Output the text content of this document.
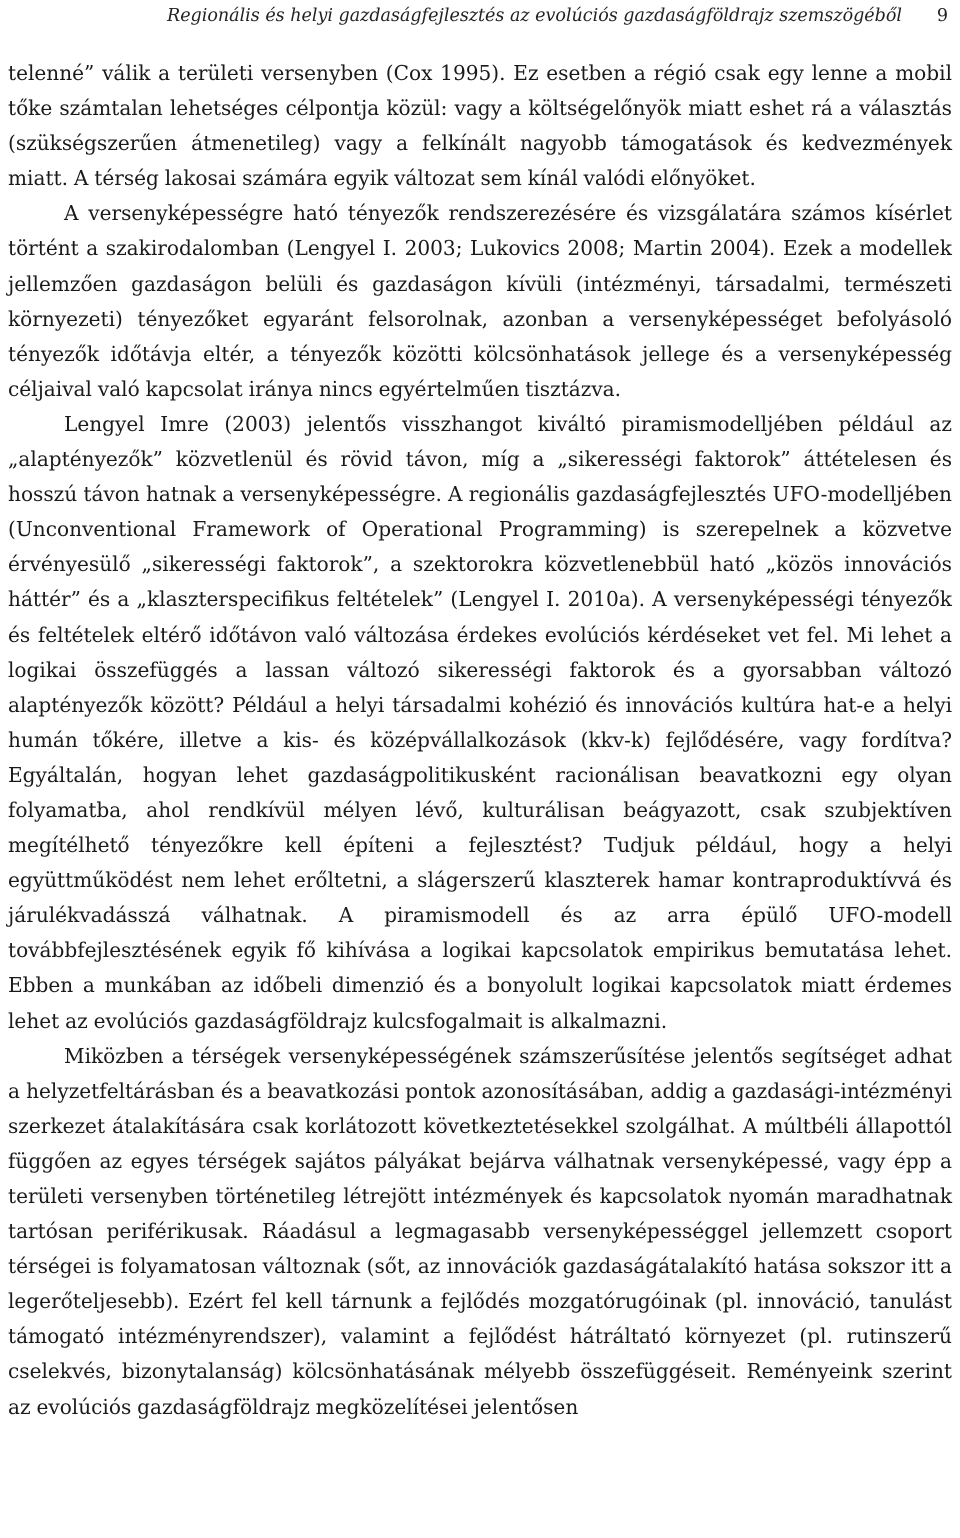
Regionális és helyi gazdaságfejlesztés az evolúciós gazdaságföldrajz szemszögéből 9

telenné” válik a területi versenyben (Cox 1995). Ez esetben a régió csak egy lenne a mobil tőke számtalan lehetséges célpontja közül: vagy a költségelőnyök miatt eshet rá a választás (szükségszerűen átmenetileg) vagy a felkínált nagyobb támogatások és kedvezmények miatt. A térség lakosai számára egyik változat sem kínál valódi előnyöket.

A versenyképességre ható tényezők rendszerezésére és vizsgálatára számos kísérlet történt a szakirodalomban (Lengyel I. 2003; Lukovics 2008; Martin 2004). Ezek a modellek jellemzően gazdaságon belüli és gazdaságon kívüli (intézményi, társadalmi, természeti környezeti) tényezőket egyaránt felsorolnak, azonban a versenyképességet befolyásoló tényezők időtávja eltér, a tényezők közötti kölcsönhatások jellege és a versenyképesség céljaival való kapcsolat iránya nincs egyértelműen tisztázva.

Lengyel Imre (2003) jelentős visszhangot kiváltó piramismodelljében például az „alaptényezők” közvetlenül és rövid távon, míg a „sikerességi faktorok” áttételesen és hosszú távon hatnak a versenyképességre. A regionális gazdaságfejlesztés UFO-modelljében (Unconventional Framework of Operational Programming) is szerepelnek a közvetve érvényesülő „sikerességi faktorok”, a szektorokra közvetlenebbül ható „közös innovációs háttér” és a „klaszterspecifikus feltételek” (Lengyel I. 2010a). A versenyképességi tényezők és feltételek eltérő időtávon való változása érdekes evolúciós kérdéseket vet fel. Mi lehet a logikai összefüggés a lassan változó sikerességi faktorok és a gyorsabban változó alaptényezők között? Például a helyi társadalmi kohézió és innovációs kultúra hat-e a helyi humán tőkére, illetve a kis- és középvállalkozások (kkv-k) fejlődésére, vagy fordítva? Egyáltalán, hogyan lehet gazdaságpolitikusként racionálisan beavatkozni egy olyan folyamatba, ahol rendkívül mélyen lévő, kulturálisan beágyazott, csak szubjektíven megítélhető tényezőkre kell építeni a fejlesztést? Tudjuk például, hogy a helyi együttműködést nem lehet erőltetni, a slágerszerű klaszterek hamar kontraproduktívvá és járulékvadásszá válhatnak. A piramismodell és az arra épülő UFO-modell továbbfejlesztésének egyik fő kihívása a logikai kapcsolatok empirikus bemutatása lehet. Ebben a munkában az időbeli dimenzió és a bonyolult logikai kapcsolatok miatt érdemes lehet az evolúciós gazdaságföldrajz kulcsfogalmait is alkalmazni.

Miközben a térségek versenyképességének számszerűsítése jelentős segítséget adhat a helyzetfeltárásban és a beavatkozási pontok azonosításában, addig a gazdasági-intézményi szerkezet átalakítására csak korlátozott következtetésekkel szolgálhat. A múltbéli állapottól függően az egyes térségek sajátos pályákat bejárva válhatnak versenyképessé, vagy épp a területi versenyben történetileg létrejött intézmények és kapcsolatok nyomán maradhatnak tartósan periférikusak. Ráadásul a legmagasabb versenyképességgel jellemzett csoport térségei is folyamatosan változnak (sőt, az innovációk gazdaságátalakító hatása sokszor itt a legerőteljesebb). Ezért fel kell tárnunk a fejlődés mozgatórugóinak (pl. innováció, tanulást támogató intézményrendszer), valamint a fejlődést hátráltató környezet (pl. rutinszerű cselekvés, bizonytalanság) kölcsönhatásának mélyebb összefüggéseit. Reményeink szerint az evolúciós gazdaságföldrajz megközelítései jelentősen
